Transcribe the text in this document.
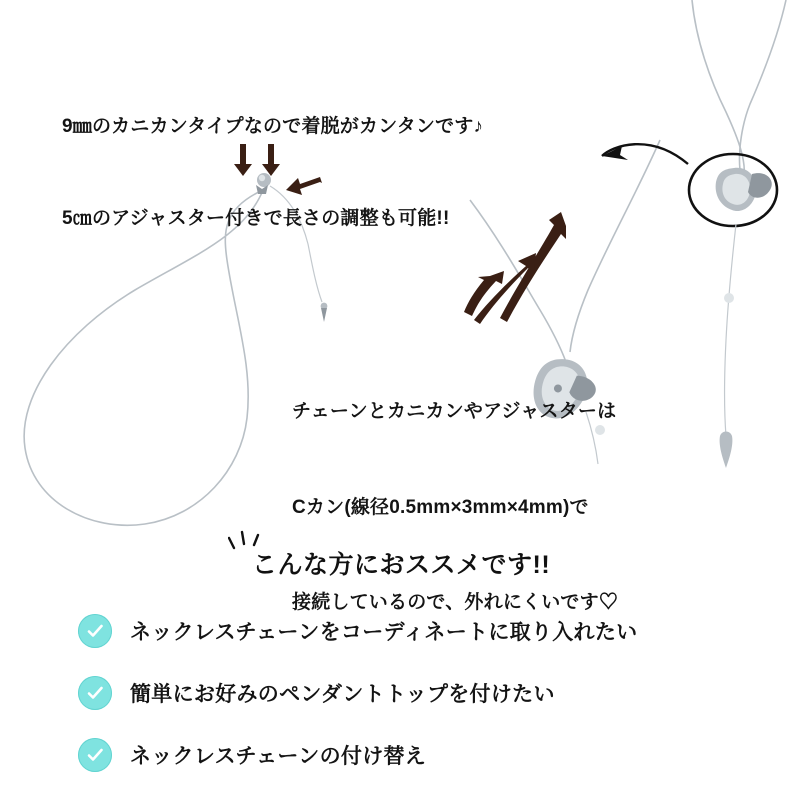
9㎜のカニカンタイプなので着脱がカンタンです♪

5㎝のアジャスター付きで長さの調整も可能!!

チェーンとカニカンやアジャスターは

Cカン(線径0.5mm×3mm×4mm)で

接続しているので、外れにくいです♡

こんな方におススメです!!
ネックレスチェーンをコーディネートに取り入れたい
簡単にお好みのペンダントトップを付けたい
ネックレスチェーンの付け替え
